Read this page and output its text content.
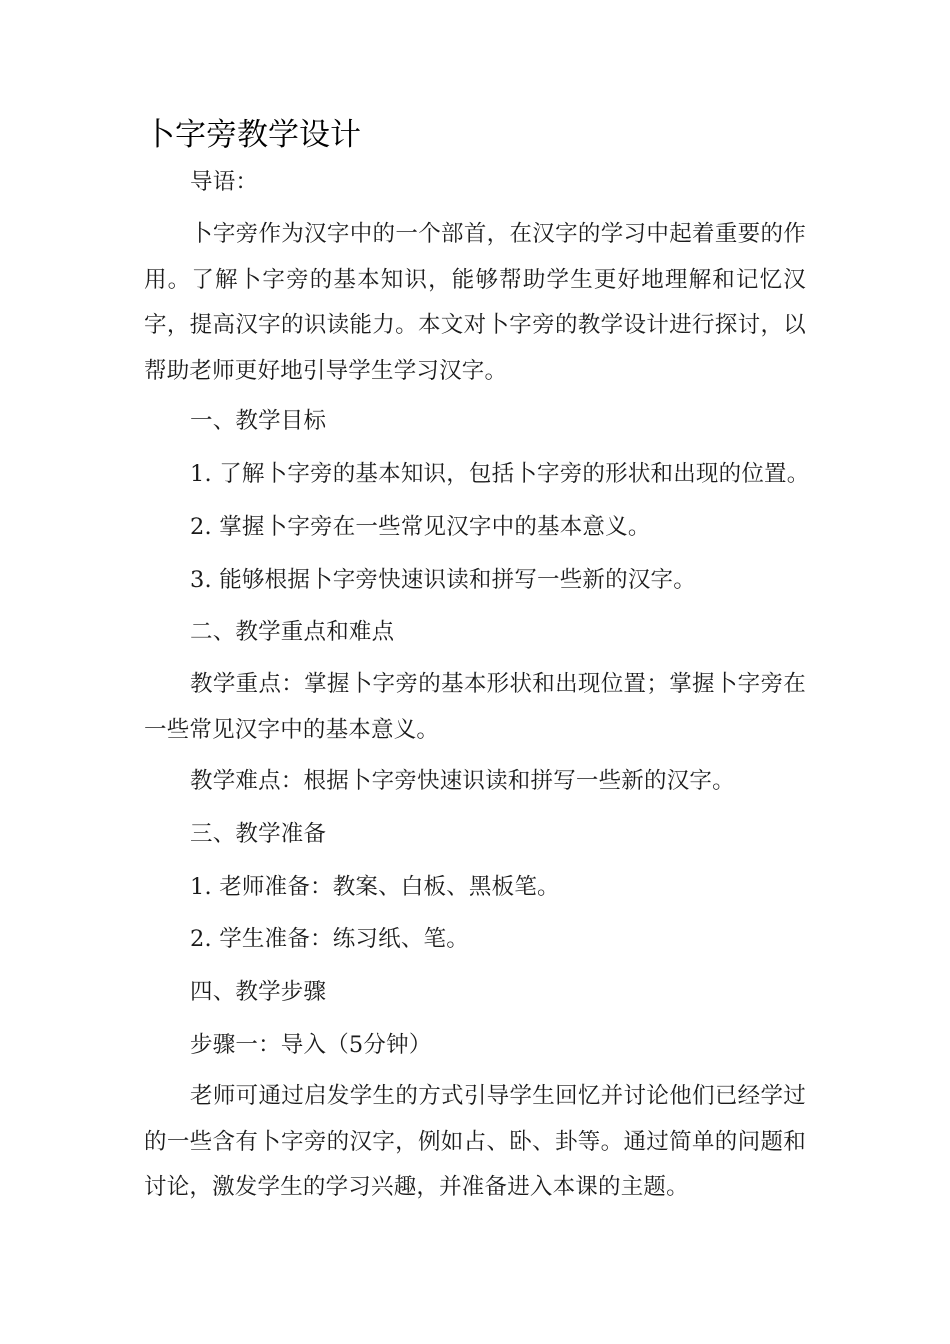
卜字旁教学设计

导语：

卜字旁作为汉字中的一个部首，在汉字的学习中起着重要的作用。了解卜字旁的基本知识，能够帮助学生更好地理解和记忆汉字，提高汉字的识读能力。本文对卜字旁的教学设计进行探讨，以帮助老师更好地引导学生学习汉字。

一、教学目标

1. 了解卜字旁的基本知识，包括卜字旁的形状和出现的位置。

2. 掌握卜字旁在一些常见汉字中的基本意义。

3. 能够根据卜字旁快速识读和拼写一些新的汉字。

二、教学重点和难点

教学重点：掌握卜字旁的基本形状和出现位置；掌握卜字旁在一些常见汉字中的基本意义。

教学难点：根据卜字旁快速识读和拼写一些新的汉字。

三、教学准备

1. 老师准备：教案、白板、黑板笔。

2. 学生准备：练习纸、笔。

四、教学步骤

步骤一：导入（5分钟）

老师可通过启发学生的方式引导学生回忆并讨论他们已经学过的一些含有卜字旁的汉字，例如占、卧、卦等。通过简单的问题和讨论，激发学生的学习兴趣，并准备进入本课的主题。
